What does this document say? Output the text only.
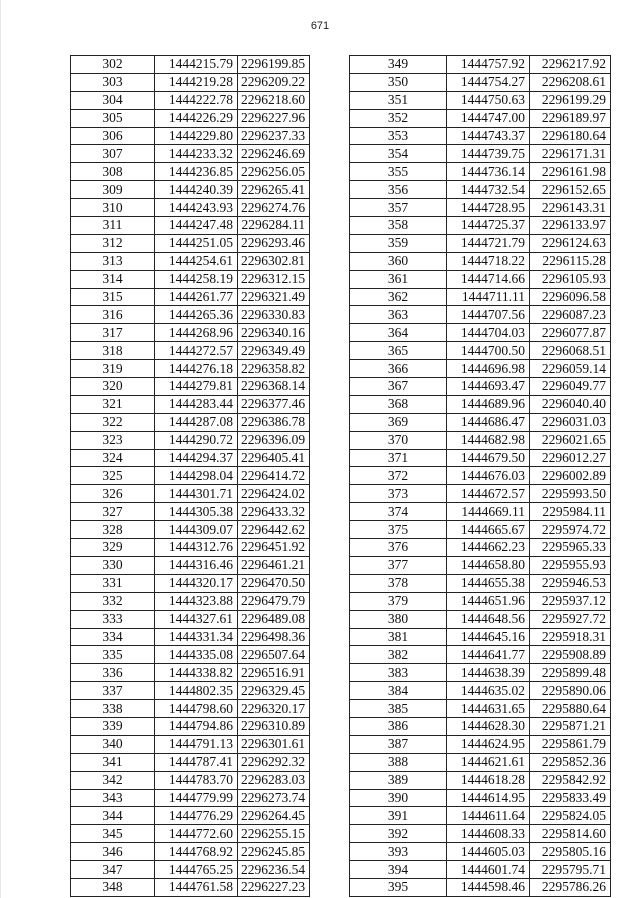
671
302	1444215.79	2296199.85
303	1444219.28	2296209.22
304	1444222.78	2296218.60
305	1444226.29	2296227.96
306	1444229.80	2296237.33
307	1444233.32	2296246.69
308	1444236.85	2296256.05
309	1444240.39	2296265.41
310	1444243.93	2296274.76
311	1444247.48	2296284.11
312	1444251.05	2296293.46
313	1444254.61	2296302.81
314	1444258.19	2296312.15
315	1444261.77	2296321.49
316	1444265.36	2296330.83
317	1444268.96	2296340.16
318	1444272.57	2296349.49
319	1444276.18	2296358.82
320	1444279.81	2296368.14
321	1444283.44	2296377.46
322	1444287.08	2296386.78
323	1444290.72	2296396.09
324	1444294.37	2296405.41
325	1444298.04	2296414.72
326	1444301.71	2296424.02
327	1444305.38	2296433.32
328	1444309.07	2296442.62
329	1444312.76	2296451.92
330	1444316.46	2296461.21
331	1444320.17	2296470.50
332	1444323.88	2296479.79
333	1444327.61	2296489.08
334	1444331.34	2296498.36
335	1444335.08	2296507.64
336	1444338.82	2296516.91
337	1444802.35	2296329.45
338	1444798.60	2296320.17
339	1444794.86	2296310.89
340	1444791.13	2296301.61
341	1444787.41	2296292.32
342	1444783.70	2296283.03
343	1444779.99	2296273.74
344	1444776.29	2296264.45
345	1444772.60	2296255.15
346	1444768.92	2296245.85
347	1444765.25	2296236.54
348	1444761.58	2296227.23
349	1444757.92	2296217.92
350	1444754.27	2296208.61
351	1444750.63	2296199.29
352	1444747.00	2296189.97
353	1444743.37	2296180.64
354	1444739.75	2296171.31
355	1444736.14	2296161.98
356	1444732.54	2296152.65
357	1444728.95	2296143.31
358	1444725.37	2296133.97
359	1444721.79	2296124.63
360	1444718.22	2296115.28
361	1444714.66	2296105.93
362	1444711.11	2296096.58
363	1444707.56	2296087.23
364	1444704.03	2296077.87
365	1444700.50	2296068.51
366	1444696.98	2296059.14
367	1444693.47	2296049.77
368	1444689.96	2296040.40
369	1444686.47	2296031.03
370	1444682.98	2296021.65
371	1444679.50	2296012.27
372	1444676.03	2296002.89
373	1444672.57	2295993.50
374	1444669.11	2295984.11
375	1444665.67	2295974.72
376	1444662.23	2295965.33
377	1444658.80	2295955.93
378	1444655.38	2295946.53
379	1444651.96	2295937.12
380	1444648.56	2295927.72
381	1444645.16	2295918.31
382	1444641.77	2295908.89
383	1444638.39	2295899.48
384	1444635.02	2295890.06
385	1444631.65	2295880.64
386	1444628.30	2295871.21
387	1444624.95	2295861.79
388	1444621.61	2295852.36
389	1444618.28	2295842.92
390	1444614.95	2295833.49
391	1444611.64	2295824.05
392	1444608.33	2295814.60
393	1444605.03	2295805.16
394	1444601.74	2295795.71
395	1444598.46	2295786.26
